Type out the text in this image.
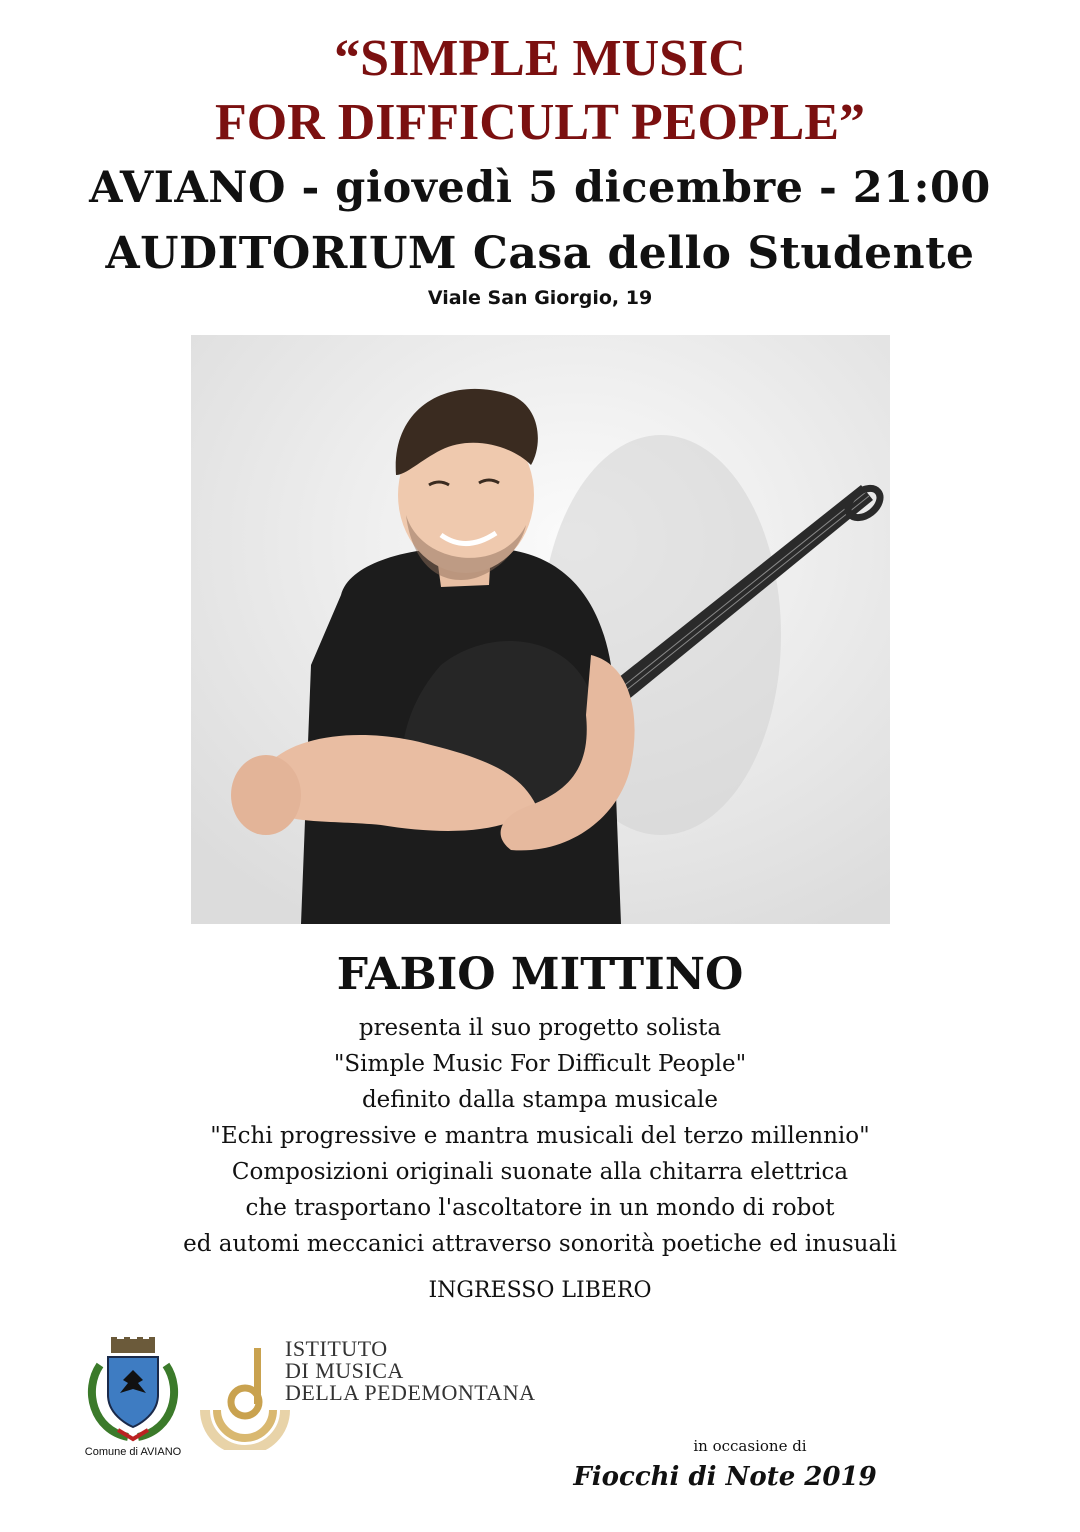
“SIMPLE MUSIC
FOR DIFFICULT PEOPLE”
AVIANO - giovedì 5 dicembre - 21:00
AUDITORIUM Casa dello Studente
Viale San Giorgio, 19
FABIO MITTINO
presenta il suo progetto solista
"Simple Music For Difficult People"
definito dalla stampa musicale
"Echi progressive e mantra musicali del terzo millennio"
Composizioni originali suonate alla chitarra elettrica
che trasportano l'ascoltatore in un mondo di robot
ed automi meccanici attraverso sonorità poetiche ed inusuali
INGRESSO LIBERO
Comune di AVIANO
ISTITUTO
DI MUSICA
DELLA PEDEMONTANA
in occasione di
Fiocchi di Note 2019
